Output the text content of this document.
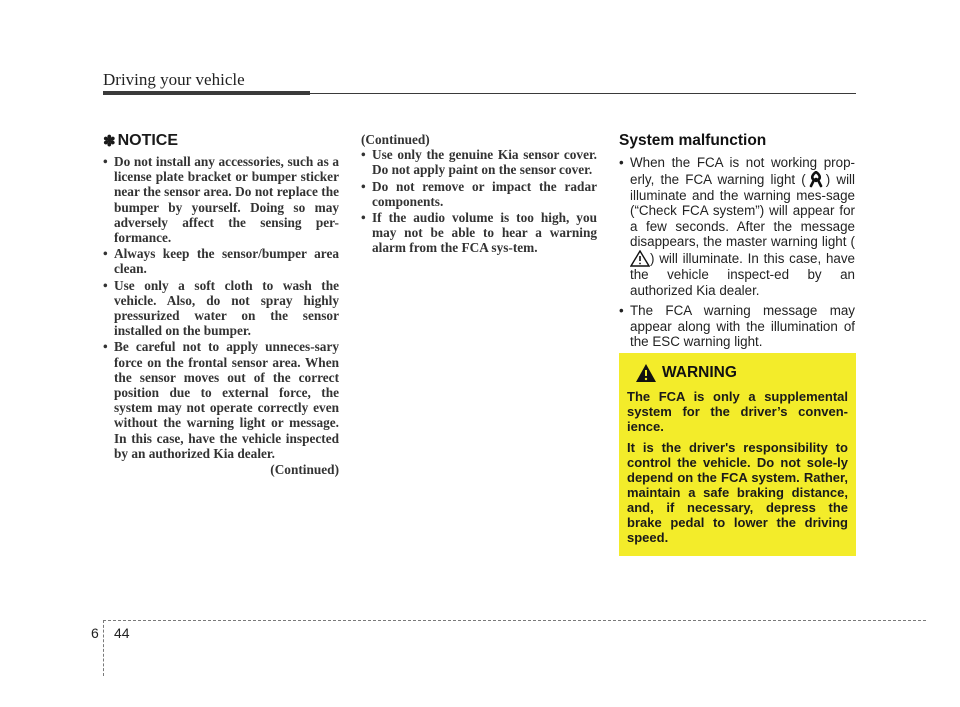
Driving your vehicle
✽ NOTICE
• Do not install any accessories, such as a license plate bracket or bumper sticker near the sensor area. Do not replace the bumper by yourself. Doing so may adversely affect the sensing per-formance.
• Always keep the sensor/bumper area clean.
• Use only a soft cloth to wash the vehicle. Also, do not spray highly pressurized water on the sensor installed on the bumper.
• Be careful not to apply unneces-sary force on the frontal sensor area. When the sensor moves out of the correct position due to external force, the system may not operate correctly even without the warning light or message. In this case, have the vehicle inspected by an authorized Kia dealer.
(Continued)
(Continued)
• Use only the genuine Kia sensor cover. Do not apply paint on the sensor cover.
• Do not remove or impact the radar components.
• If the audio volume is too high, you may not be able to hear a warning alarm from the FCA sys-tem.
System malfunction
• When the FCA is not working prop-erly, the FCA warning light ( ) will illuminate and the warning mes-sage (“Check FCA system”) will appear for a few seconds. After the message disappears, the master warning light () will illuminate. In this case, have the vehicle inspect-ed by an authorized Kia dealer.
• The FCA warning message may appear along with the illumination of the ESC warning light.
WARNING

The FCA is only a supplemental system for the driver’s conven-ience.

It is the driver's responsibility to control the vehicle. Do not sole-ly depend on the FCA system. Rather, maintain a safe braking distance, and, if necessary, depress the brake pedal to lower the driving speed.

6 44
